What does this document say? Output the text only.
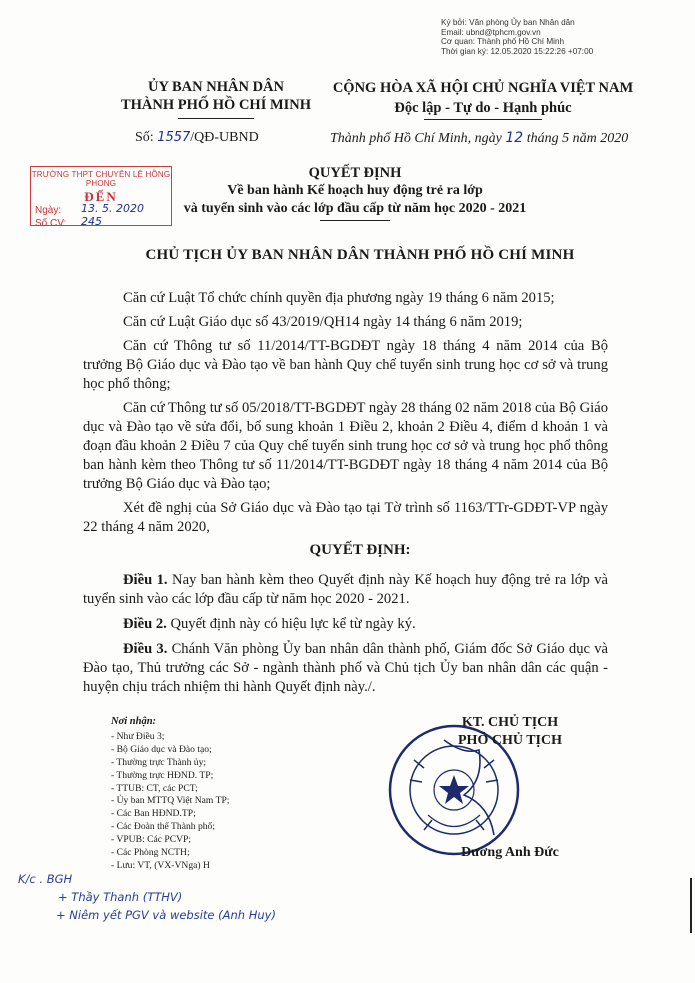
Ký bởi: Văn phòng Ủy ban Nhân dân
Email: ubnd@tphcm.gov.vn
Cơ quan: Thành phố Hồ Chí Minh
Thời gian ký: 12.05.2020 15:22:26 +07:00
ỦY BAN NHÂN DÂN
THÀNH PHỐ HỒ CHÍ MINH
CỘNG HÒA XÃ HỘI CHỦ NGHĨA VIỆT NAM
Độc lập - Tự do - Hạnh phúc
Số: 1557/QĐ-UBND	Thành phố Hồ Chí Minh, ngày 12 tháng 5 năm 2020
TRƯỜNG THPT CHUYÊN LÊ HỒNG PHONG
ĐẾN
Ngày: 13. 5. 2020
Số CV: 245
QUYẾT ĐỊNH
Về ban hành Kế hoạch huy động trẻ ra lớp
và tuyển sinh vào các lớp đầu cấp từ năm học 2020 - 2021
CHỦ TỊCH ỦY BAN NHÂN DÂN THÀNH PHỐ HỒ CHÍ MINH

Căn cứ Luật Tổ chức chính quyền địa phương ngày 19 tháng 6 năm 2015;

Căn cứ Luật Giáo dục số 43/2019/QH14 ngày 14 tháng 6 năm 2019;

Căn cứ Thông tư số 11/2014/TT-BGDĐT ngày 18 tháng 4 năm 2014 của Bộ trưởng Bộ Giáo dục và Đào tạo về ban hành Quy chế tuyển sinh trung học cơ sở và trung học phổ thông;

Căn cứ Thông tư số 05/2018/TT-BGDĐT ngày 28 tháng 02 năm 2018 của Bộ Giáo dục và Đào tạo về sửa đổi, bổ sung khoản 1 Điều 2, khoản 2 Điều 4, điểm d khoản 1 và đoạn đầu khoản 2 Điều 7 của Quy chế tuyển sinh trung học cơ sở và trung học phổ thông ban hành kèm theo Thông tư số 11/2014/TT-BGDĐT ngày 18 tháng 4 năm 2014 của Bộ trưởng Bộ Giáo dục và Đào tạo;

Xét đề nghị của Sở Giáo dục và Đào tạo tại Tờ trình số 1163/TTr-GDĐT-VP ngày 22 tháng 4 năm 2020,

QUYẾT ĐỊNH:

Điều 1. Nay ban hành kèm theo Quyết định này Kế hoạch huy động trẻ ra lớp và tuyển sinh vào các lớp đầu cấp từ năm học 2020 - 2021.

Điều 2. Quyết định này có hiệu lực kể từ ngày ký.

Điều 3. Chánh Văn phòng Ủy ban nhân dân thành phố, Giám đốc Sở Giáo dục và Đào tạo, Thủ trưởng các Sở - ngành thành phố và Chủ tịch Ủy ban nhân dân các quận - huyện chịu trách nhiệm thi hành Quyết định này./.

Nơi nhận:
- Như Điều 3;
- Bộ Giáo dục và Đào tạo;
- Thường trực Thành ủy;
- Thường trực HĐND. TP;
- TTUB: CT, các PCT;
- Ủy ban MTTQ Việt Nam TP;
- Các Ban HĐND.TP;
- Các Đoàn thể Thành phố;
- VPUB: Các PCVP;
- Các Phòng NCTH;
- Lưu: VT, (VX-VNga) H
KT. CHỦ TỊCH
PHÓ CHỦ TỊCH
Dương Anh Đức
K/c . BGH
+ Thầy Thanh (TTHV)
+ Niêm yết PGV và website (Anh Huy)
